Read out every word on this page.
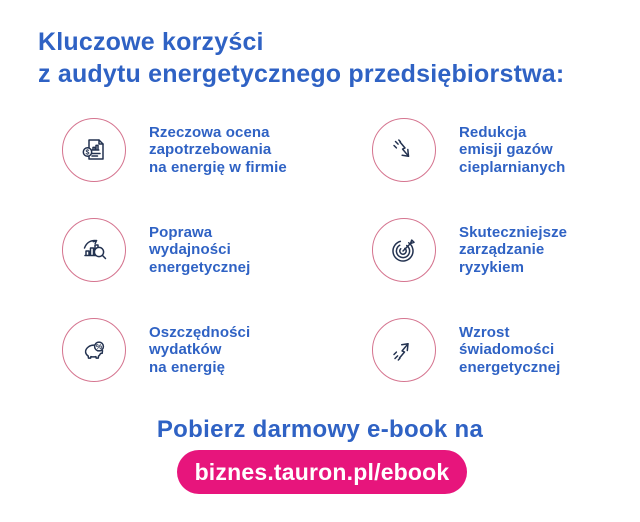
Kluczowe korzyści
z audytu energetycznego przedsiębiorstwa:
$
Rzeczowa ocena
zapotrzebowania
na energię w firmie
Redukcja
emisji gazów
cieplarnianych
Poprawa
wydajności
energetycznej
Skuteczniejsze
zarządzanie
ryzykiem
%
Oszczędności
wydatków
na energię
Wzrost
świadomości
energetycznej
Pobierz darmowy e-book na
biznes.tauron.pl/ebook
